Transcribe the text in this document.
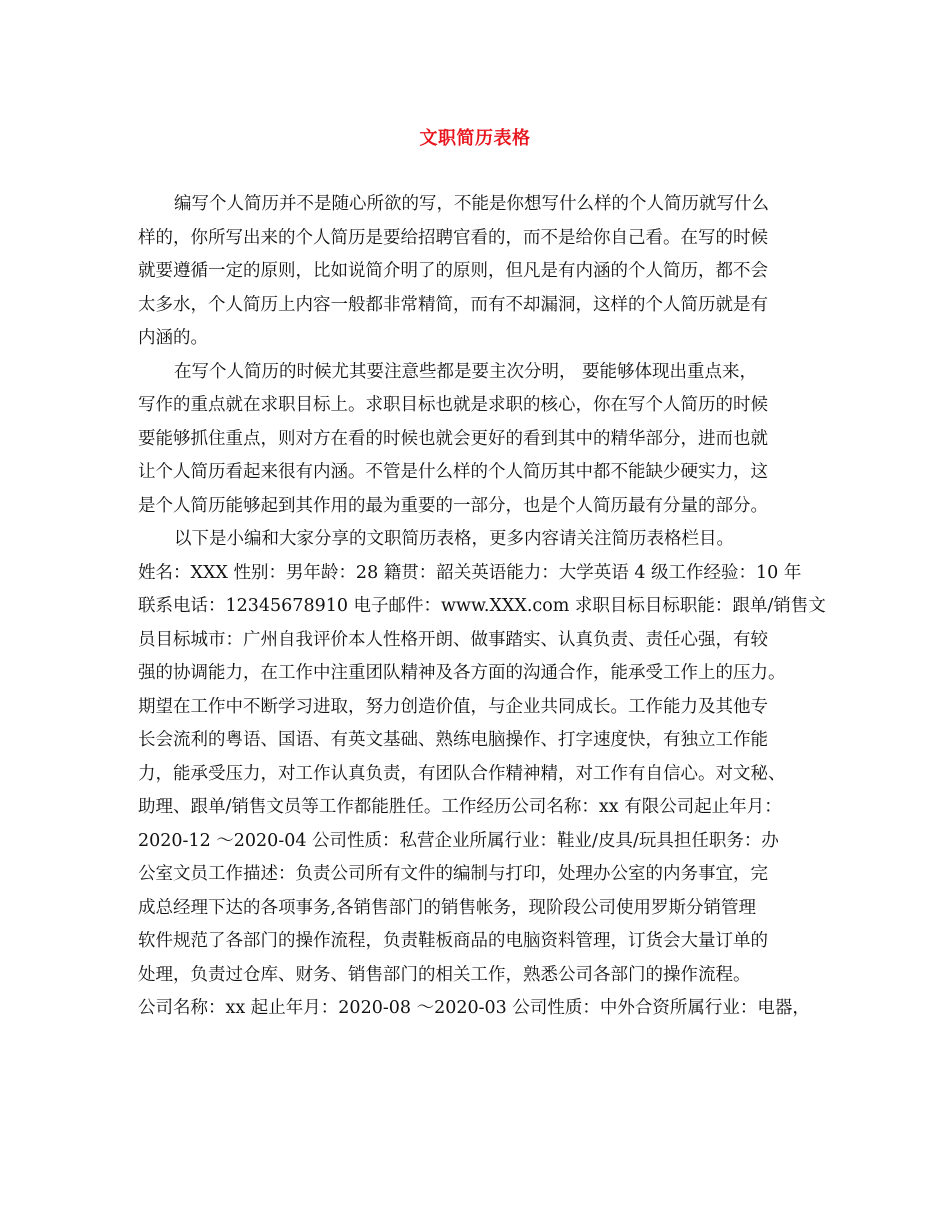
文职简历表格
编写个人简历并不是随心所欲的写，不能是你想写什么样的个人简历就写什么
样的，你所写出来的个人简历是要给招聘官看的，而不是给你自己看。在写的时候
就要遵循一定的原则，比如说简介明了的原则，但凡是有内涵的个人简历，都不会
太多水，个人简历上内容一般都非常精简，而有不却漏洞，这样的个人简历就是有
内涵的。
在写个人简历的时候尤其要注意些都是要主次分明， 要能够体现出重点来，
写作的重点就在求职目标上。求职目标也就是求职的核心，你在写个人简历的时候
要能够抓住重点，则对方在看的时候也就会更好的看到其中的精华部分，进而也就
让个人简历看起来很有内涵。不管是什么样的个人简历其中都不能缺少硬实力，这
是个人简历能够起到其作用的最为重要的一部分，也是个人简历最有分量的部分。
以下是小编和大家分享的文职简历表格，更多内容请关注简历表格栏目。
姓名：XXX 性别：男年龄：28 籍贯：韶关英语能力：大学英语 4 级工作经验：10 年
联系电话：12345678910 电子邮件：www.XXX.com 求职目标目标职能：跟单/销售文
员目标城市：广州自我评价本人性格开朗、做事踏实、认真负责、责任心强，有较
强的协调能力，在工作中注重团队精神及各方面的沟通合作，能承受工作上的压力。
期望在工作中不断学习进取，努力创造价值，与企业共同成长。工作能力及其他专
长会流利的粤语、国语、有英文基础、熟练电脑操作、打字速度快，有独立工作能
力，能承受压力，对工作认真负责，有团队合作精神精，对工作有自信心。对文秘、
助理、跟单/销售文员等工作都能胜任。工作经历公司名称：xx 有限公司起止年月：
2020-12 ～2020-04 公司性质：私营企业所属行业：鞋业/皮具/玩具担任职务：办
公室文员工作描述：负责公司所有文件的编制与打印，处理办公室的内务事宜，完
成总经理下达的各项事务,各销售部门的销售帐务，现阶段公司使用罗斯分销管理
软件规范了各部门的操作流程，负责鞋板商品的电脑资料管理，订货会大量订单的
处理，负责过仓库、财务、销售部门的相关工作，熟悉公司各部门的操作流程。
公司名称：xx 起止年月：2020-08 ～2020-03 公司性质：中外合资所属行业：电器，
